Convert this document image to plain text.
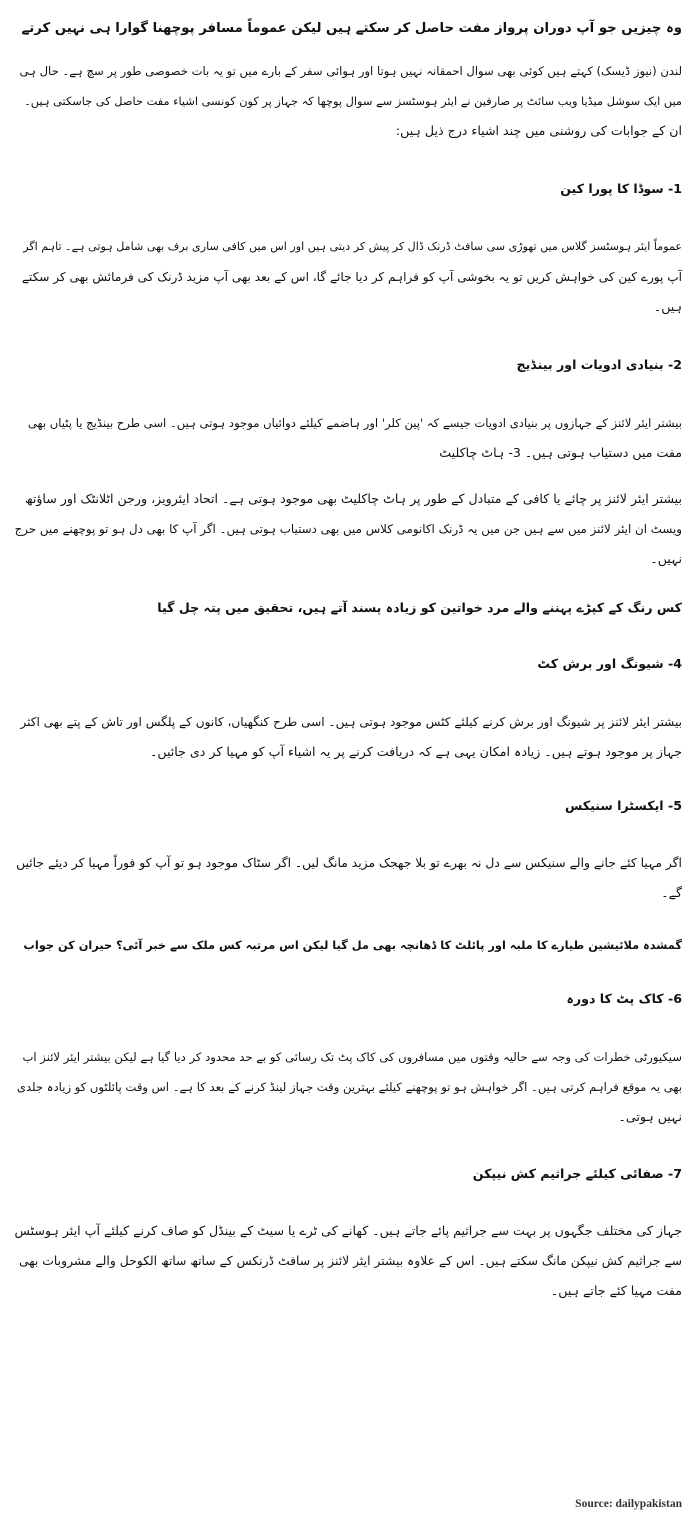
وہ چیزیں جو آپ دوران پرواز مفت حاصل کر سکتے ہیں لیکن عموماً مسافر پوچھنا گوارا ہی نہیں کرتے

لندن (نیوز ڈیسک) کہتے ہیں کوئی بھی سوال احمقانہ نہیں ہوتا اور ہوائی سفر کے بارے میں تو یہ بات خصوصی طور پر سچ ہے۔ حال ہی

میں ایک سوشل میڈیا ویب سائٹ پر صارفین نے ایئر ہوسٹسز سے سوال پوچھا کہ جہاز پر کون کونسی اشیاء مفت حاصل کی جاسکتی ہیں۔

ان کے جوابات کی روشنی میں چند اشیاء درج ذیل ہیں:

1- سوڈا کا پورا کین

عموماً ایئر ہوسٹسز گلاس میں تھوڑی سی سافٹ ڈرنک ڈال کر پیش کر دیتی ہیں اور اس میں کافی ساری برف بھی شامل ہوتی ہے۔ تاہم اگر

آپ پورے کین کی خواہش کریں تو یہ بخوشی آپ کو فراہم کر دیا جائے گا، اس کے بعد بھی آپ مزید ڈرنک کی فرمائش بھی کر سکتے

ہیں۔

2- بنیادی ادویات اور بینڈیج

بیشتر ایئر لائنز کے جہازوں پر بنیادی ادویات جیسے کہ 'پین کلر' اور ہاضمے کیلئے دوائیاں موجود ہوتی ہیں۔ اسی طرح بینڈیج یا پٹیاں بھی

مفت میں دستیاب ہوتی ہیں۔ 3- ہاٹ چاکلیٹ

بیشتر ایئر لائنز پر چائے یا کافی کے متبادل کے طور پر ہاٹ چاکلیٹ بھی موجود ہوتی ہے۔ اتحاد ایئرویز، ورجن اٹلانٹک اور ساؤتھ

ویسٹ ان ایئر لائنز میں سے ہیں جن میں یہ ڈرنک اکانومی کلاس میں بھی دستیاب ہوتی ہیں۔ اگر آپ کا بھی دل ہو تو پوچھنے میں حرج

نہیں۔

کس رنگ کے کپڑے پہننے والے مرد خواتین کو زیادہ پسند آتے ہیں، تحقیق میں پتہ چل گیا

4- شیونگ اور برش کٹ

بیشتر ایئر لائنز پر شیونگ اور برش کرنے کیلئے کٹس موجود ہوتی ہیں۔ اسی طرح کنگھیاں، کانوں کے پلگس اور تاش کے پتے بھی اکثر

جہاز پر موجود ہوتے ہیں۔ زیادہ امکان یہی ہے کہ دریافت کرنے پر یہ اشیاء آپ کو مہیا کر دی جائیں۔

5- ایکسٹرا سنیکس

اگر مہیا کئے جانے والے سنیکس سے دل نہ بھرے تو بلا جھجک مزید مانگ لیں۔ اگر سٹاک موجود ہو تو آپ کو فوراً مہیا کر دیئے جائیں

گے۔

گمشدہ ملائیشین طیارے کا ملبہ اور پائلٹ کا ڈھانچہ بھی مل گیا لیکن اس مرتبہ کس ملک سے خبر آئی؟ حیران کن جواب

6- کاک پٹ کا دورہ

سیکیورٹی خطرات کی وجہ سے حالیہ وقتوں میں مسافروں کی کاک پٹ تک رسائی کو بے حد محدود کر دیا گیا ہے لیکن بیشتر ایئر لائنز اب

بھی یہ موقع فراہم کرتی ہیں۔ اگر خواہش ہو تو پوچھنے کیلئے بہترین وقت جہاز لینڈ کرنے کے بعد کا ہے۔ اس وقت پائلٹوں کو زیادہ جلدی

نہیں ہوتی۔

7- صفائی کیلئے جراثیم کش نیپکن

جہاز کی مختلف جگہوں پر بہت سے جراثیم پائے جاتے ہیں۔ کھانے کی ٹرے یا سیٹ کے بینڈل کو صاف کرنے کیلئے آپ ایئر ہوسٹس

سے جراثیم کش نیپکن مانگ سکتے ہیں۔ اس کے علاوہ بیشتر ایئر لائنز پر سافٹ ڈرنکس کے ساتھ ساتھ الکوحل والے مشروبات بھی

مفت مہیا کئے جاتے ہیں۔

Source: dailypakistan
